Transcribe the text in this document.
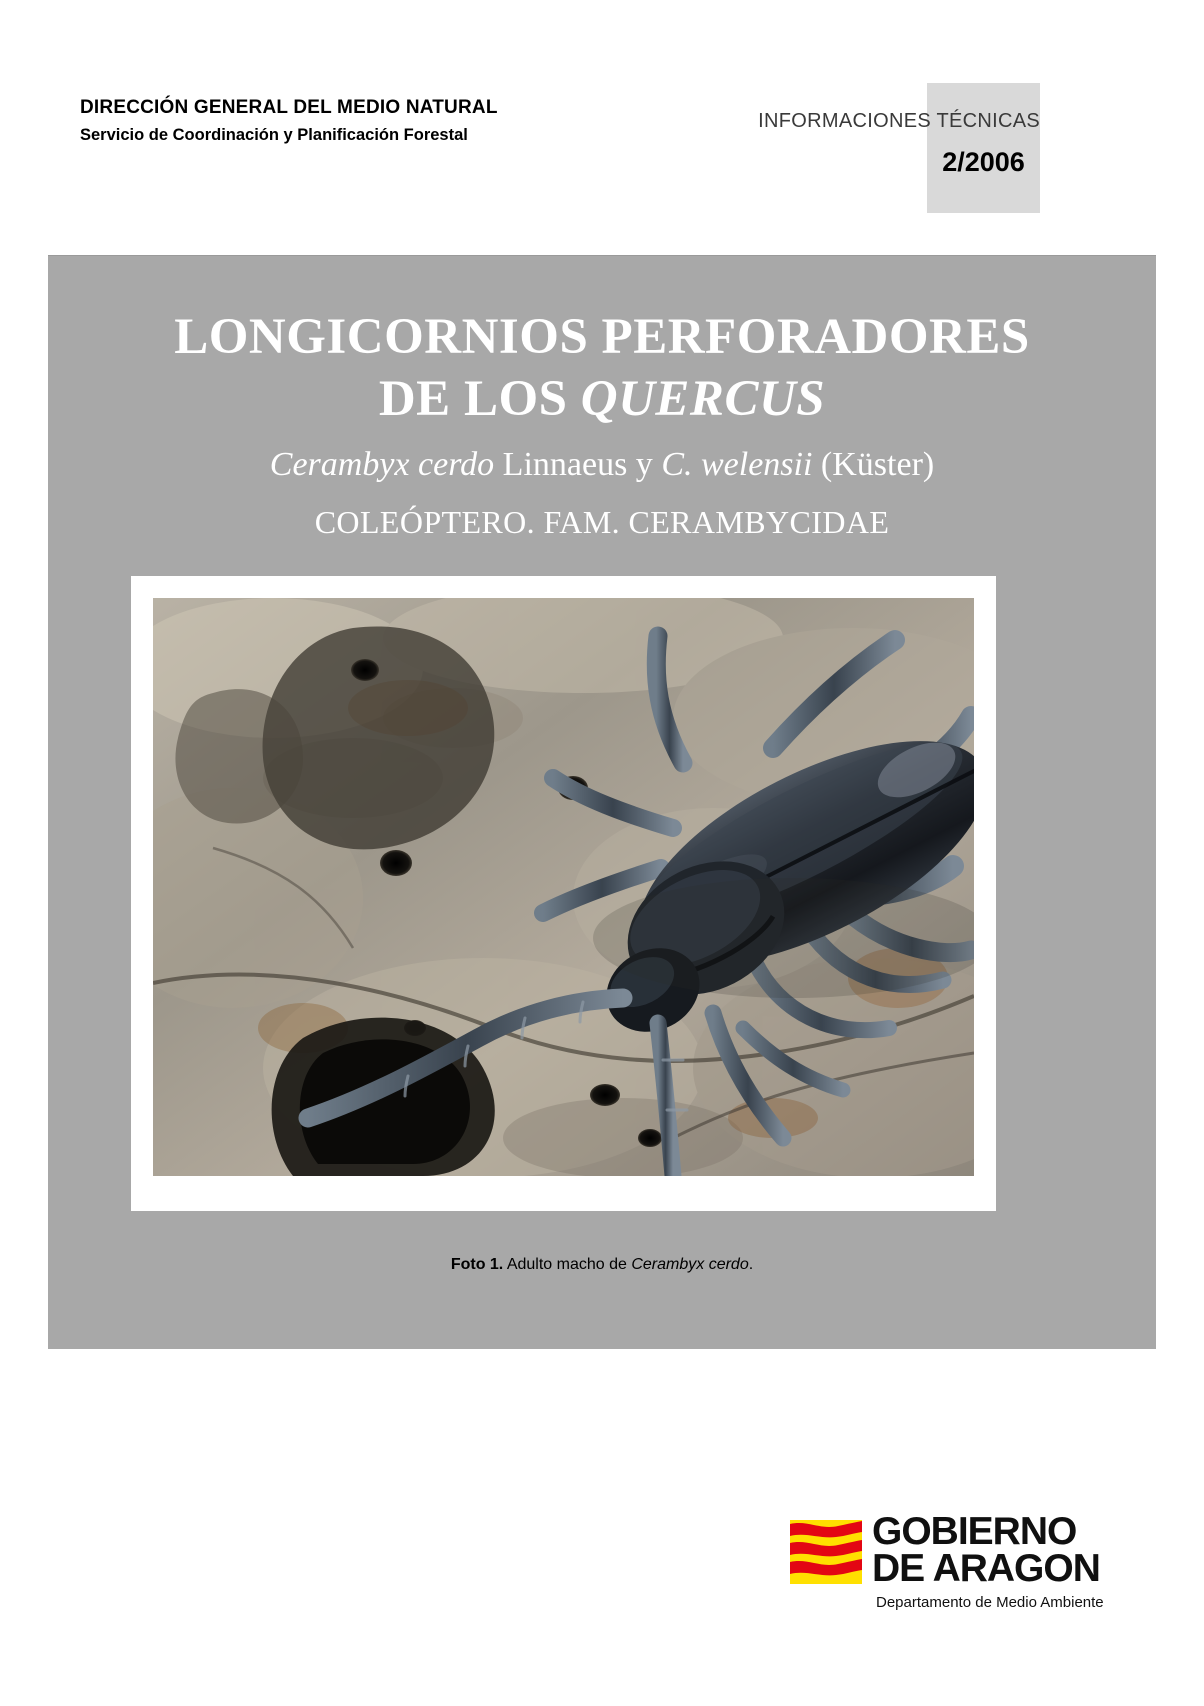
DIRECCIÓN GENERAL DEL MEDIO NATURAL
Servicio de Coordinación y Planificación Forestal
INFORMACIONES TÉCNICAS
2/2006
LONGICORNIOS PERFORADORES
DE LOS QUERCUS
Cerambyx cerdo Linnaeus y C. welensii (Küster)
COLEÓPTERO. FAM. CERAMBYCIDAE
Foto 1. Adulto macho de Cerambyx cerdo.
GOBIERNO
DE ARAGON
Departamento de Medio Ambiente
